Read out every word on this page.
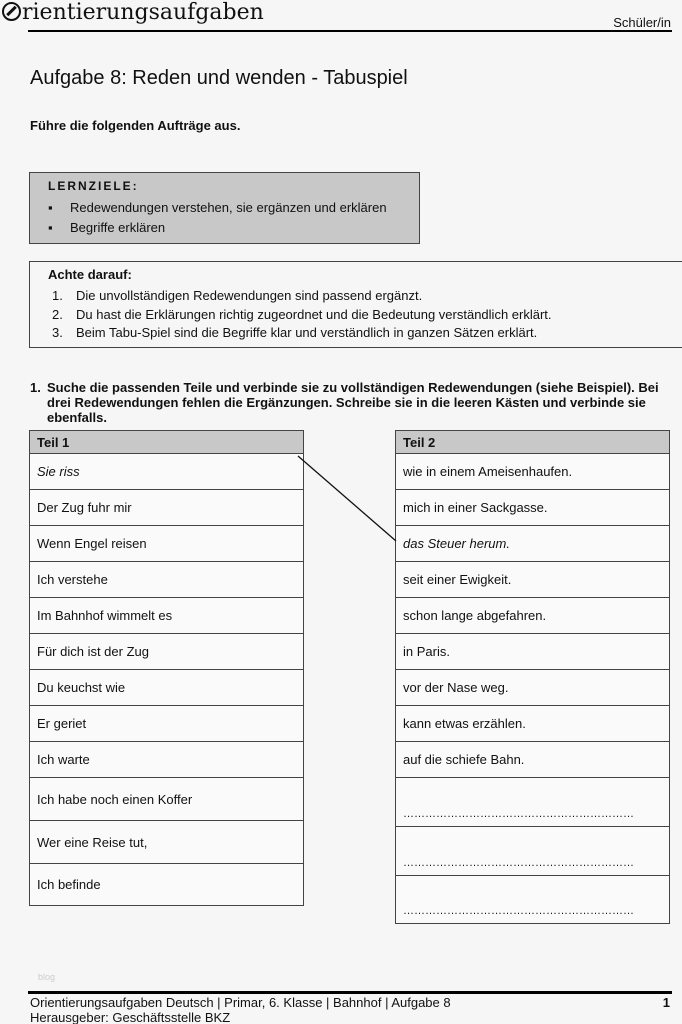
rientierungsaufgaben	Schüler/in
Aufgabe 8: Reden und wenden - Tabuspiel
Führe die folgenden Aufträge aus.
LERNZIELE:
▪ Redewendungen verstehen, sie ergänzen und erklären
▪ Begriffe erklären
Achte darauf:
1. Die unvollständigen Redewendungen sind passend ergänzt.
2. Du hast die Erklärungen richtig zugeordnet und die Bedeutung verständlich erklärt.
3. Beim Tabu-Spiel sind die Begriffe klar und verständlich in ganzen Sätzen erklärt.
1. Suche die passenden Teile und verbinde sie zu vollständigen Redewendungen (siehe Beispiel). Bei drei Redewendungen fehlen die Ergänzungen. Schreibe sie in die leeren Kästen und verbinde sie ebenfalls.
Teil 1
Sie riss
Der Zug fuhr mir
Wenn Engel reisen
Ich verstehe
Im Bahnhof wimmelt es
Für dich ist der Zug
Du keuchst wie
Er geriet
Ich warte
Ich habe noch einen Koffer
Wer eine Reise tut,
Ich befinde
Teil 2
wie in einem Ameisenhaufen.
mich in einer Sackgasse.
das Steuer herum.
seit einer Ewigkeit.
schon lange abgefahren.
in Paris.
vor der Nase weg.
kann etwas erzählen.
auf die schiefe Bahn.
………………………………………………………
………………………………………………………
………………………………………………………
blog
Orientierungsaufgaben Deutsch | Primar, 6. Klasse | Bahnhof | Aufgabe 8
Herausgeber: Geschäftsstelle BKZ
1
